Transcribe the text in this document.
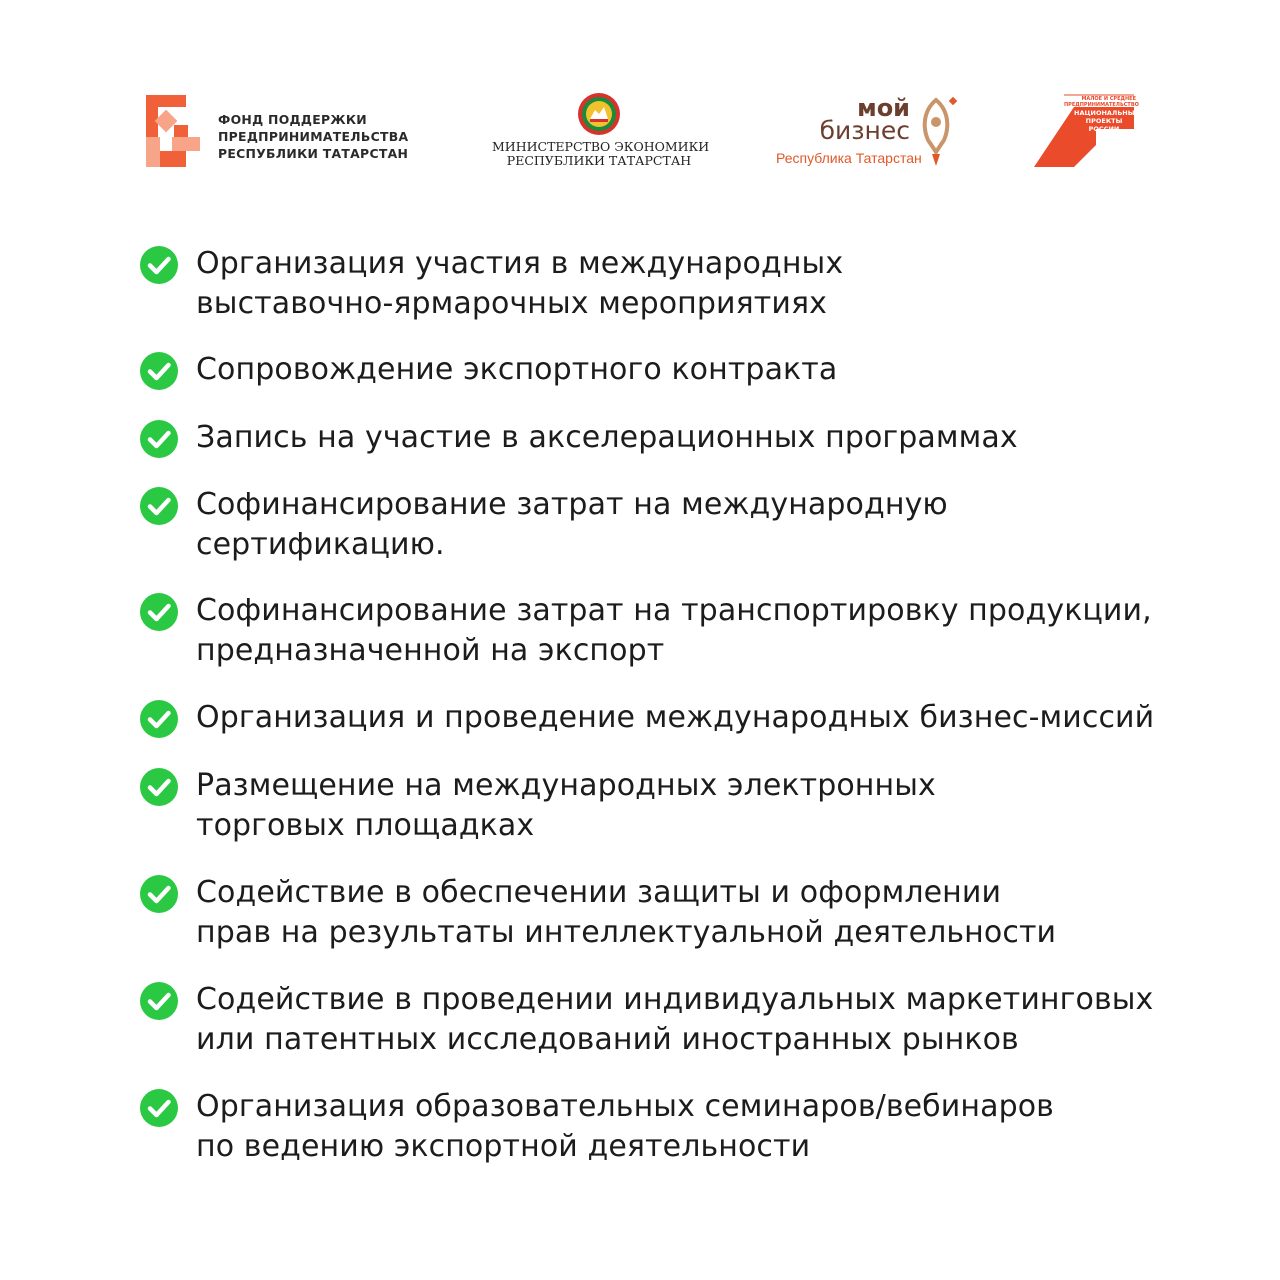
ФОНД ПОДДЕРЖКИ
ПРЕДПРИНИМАТЕЛЬСТВА
РЕСПУБЛИКИ ТАТАРСТАН	МИНИСТЕРСТВО ЭКОНОМИКИ
РЕСПУБЛИКИ ТАТАРСТАН
мой
бизнес
Республика Татарстан
МАЛОЕ И СРЕДНЕЕ
ПРЕДПРИНИМАТЕЛЬСТВО
НАЦИОНАЛЬНЫЕ
ПРОЕКТЫ
РОССИИ
Организация участия в международных
выставочно-ярмарочных мероприятиях
Сопровождение экспортного контракта
Запись на участие в акселерационных программах
Софинансирование затрат на международную
сертификацию.
Софинансирование затрат на транспортировку продукции,
предназначенной на экспорт
Организация и проведение международных бизнес-миссий
Размещение на международных электронных
торговых площадках
Содействие в обеспечении защиты и оформлении
прав на результаты интеллектуальной деятельности
Содействие в проведении индивидуальных маркетинговых
или патентных исследований иностранных рынков
Организация образовательных семинаров/вебинаров
по ведению экспортной деятельности
